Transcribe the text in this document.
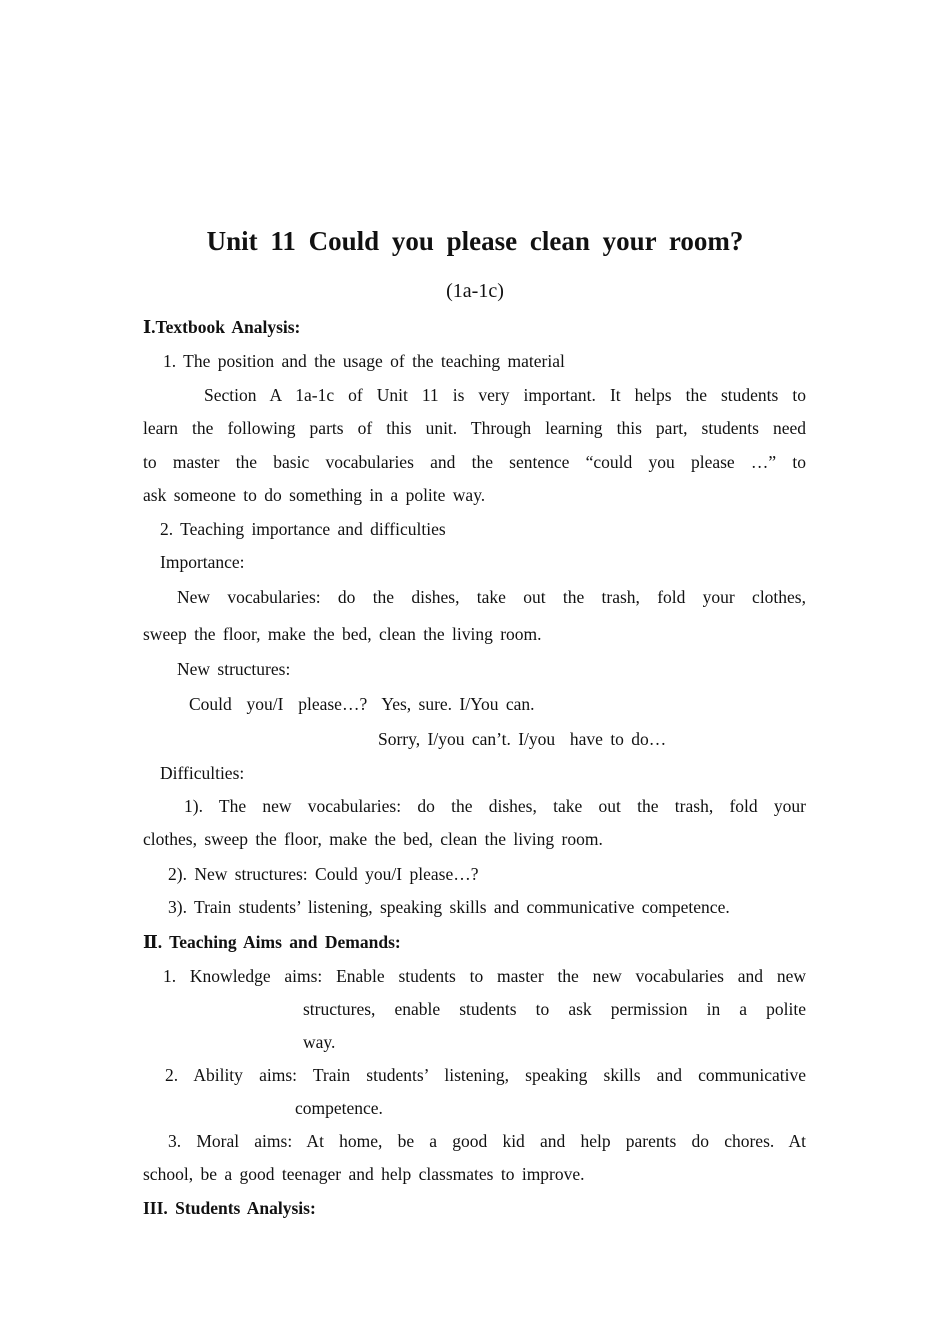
Unit 11 Could you please clean your room?
(1a-1c)
Ⅰ.Textbook Analysis:
1. The position and the usage of the teaching material
Section A 1a-1c of Unit 11 is very important. It helps the students to
learn the following parts of this unit. Through learning this part, students need
to master the basic vocabularies and the sentence “could you please …” to
ask someone to do something in a polite way.
2. Teaching importance and difficulties
Importance:
New vocabularies: do the dishes, take out the trash, fold your clothes,
sweep the floor, make the bed, clean the living room.
New structures:
Could  you/I  please…?  Yes, sure. I/You can.
Sorry, I/you can’t. I/you  have to do…
Difficulties:
1). The new vocabularies: do the dishes, take out the trash, fold your
clothes, sweep the floor, make the bed, clean the living room.
2). New structures: Could you/I please…?
3). Train students’ listening, speaking skills and communicative competence.
Ⅱ. Teaching Aims and Demands:
1. Knowledge aims: Enable students to master the new vocabularies and new
structures, enable students to ask permission in a polite
way.
2. Ability aims: Train students’ listening, speaking skills and communicative
competence.
3. Moral aims: At home, be a good kid and help parents do chores. At
school, be a good teenager and help classmates to improve.
III. Students Analysis:
